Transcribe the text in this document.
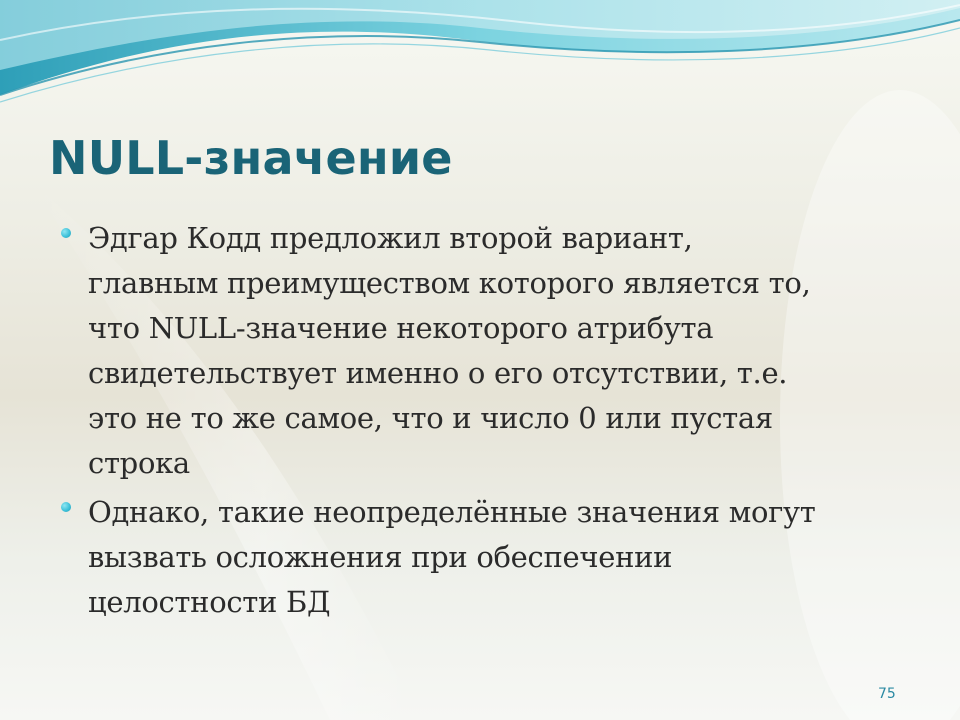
NULL-значение
Эдгар Кодд предложил второй вариант,
главным преимуществом которого является то,
что NULL-значение некоторого атрибута
свидетельствует именно о его отсутствии, т.е.
это не то же самое, что и число 0 или пустая
строка
Однако, такие неопределённые значения могут
вызвать осложнения при обеспечении
целостности БД
75
